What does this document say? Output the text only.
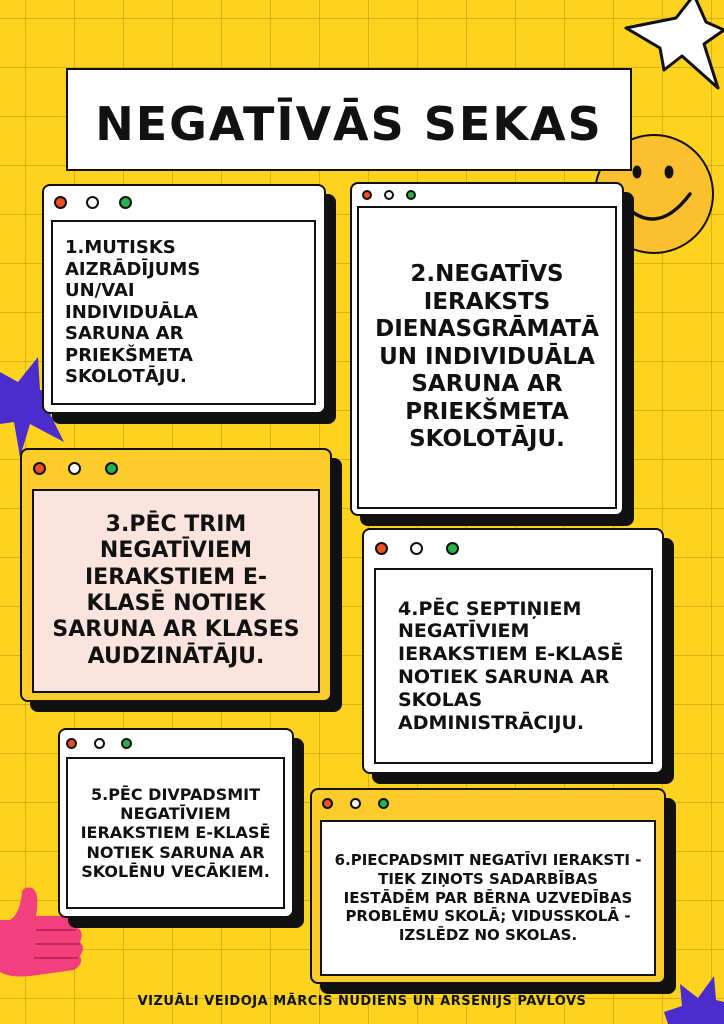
NEGATĪVĀS SEKAS
1.MUTISKS AIZRĀDĪJUMS UN/VAI INDIVIDUĀLA SARUNA AR PRIEKŠMETA SKOLOTĀJU.
2.NEGATĪVS IERAKSTS DIENASGRĀMATĀ UN INDIVIDUĀLA SARUNA AR PRIEKŠMETA SKOLOTĀJU.
3.PĒC TRIM NEGATĪVIEM IERAKSTIEM E-KLASĒ NOTIEK SARUNA AR KLASES AUDZINĀTĀJU.
4.PĒC SEPTIŅIEM NEGATĪVIEM IERAKSTIEM E-KLASĒ NOTIEK SARUNA AR SKOLAS ADMINISTRĀCIJU.
5.PĒC DIVPADSMIT NEGATĪVIEM IERAKSTIEM E-KLASĒ NOTIEK SARUNA AR SKOLĒNU VECĀKIEM.
6.PIECPADSMIT NEGATĪVI IERAKSTI - TIEK ZIŅOTS SADARBĪBAS IESTĀDĒM PAR BĒRNA UZVEDĪBAS PROBLĒMU SKOLĀ; VIDUSSKOLĀ - IZSLĒDZ NO SKOLAS.
VIZUĀLI VEIDOJA MĀRCIS NUDIENS UN ARSENIJS PAVLOVS
